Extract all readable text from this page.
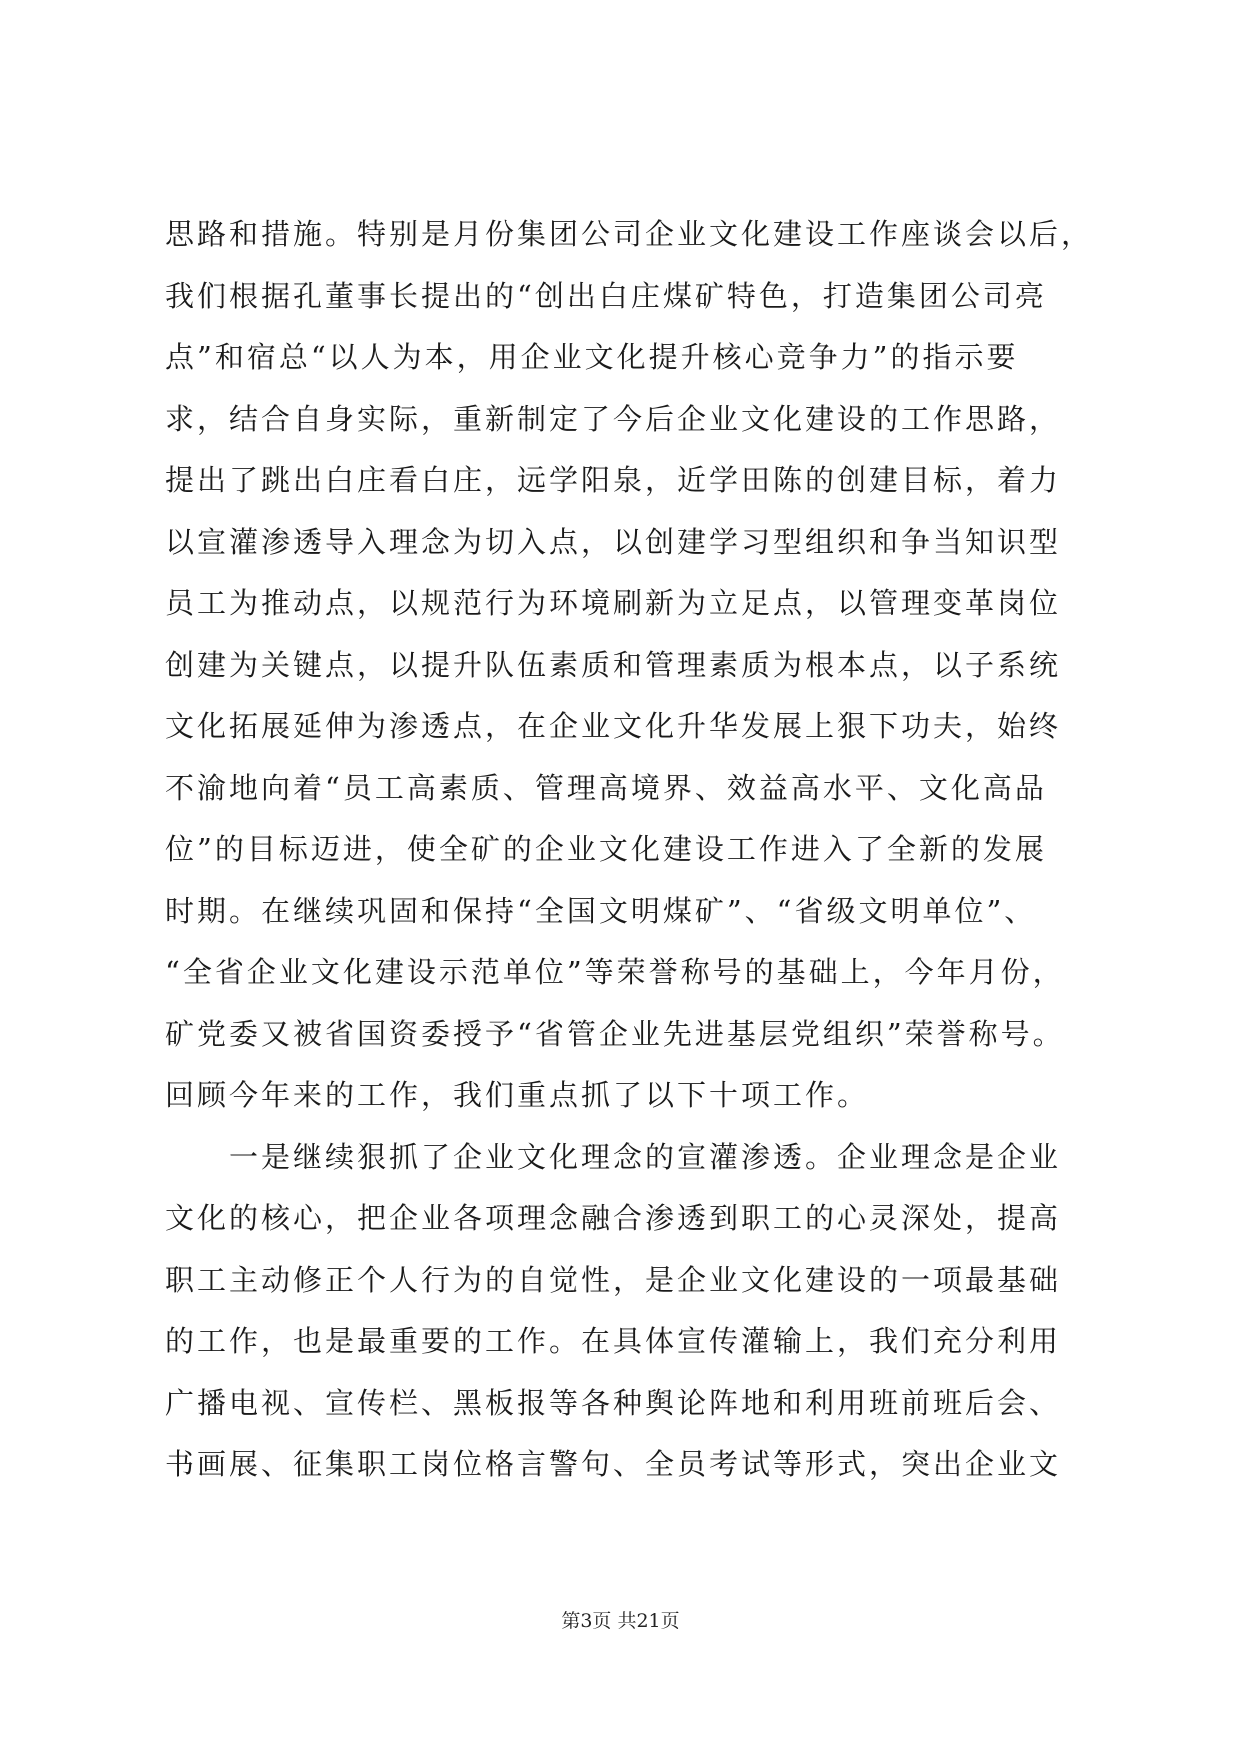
思路和措施。特别是月份集团公司企业文化建设工作座谈会以后，
我们根据孔董事长提出的“创出白庄煤矿特色，打造集团公司亮
点”和宿总“以人为本，用企业文化提升核心竞争力”的指示要
求，结合自身实际，重新制定了今后企业文化建设的工作思路，
提出了跳出白庄看白庄，远学阳泉，近学田陈的创建目标，着力
以宣灌渗透导入理念为切入点，以创建学习型组织和争当知识型
员工为推动点，以规范行为环境刷新为立足点，以管理变革岗位
创建为关键点，以提升队伍素质和管理素质为根本点，以子系统
文化拓展延伸为渗透点，在企业文化升华发展上狠下功夫，始终
不渝地向着“员工高素质、管理高境界、效益高水平、文化高品
位”的目标迈进，使全矿的企业文化建设工作进入了全新的发展
时期。在继续巩固和保持“全国文明煤矿”、“省级文明单位”、
“全省企业文化建设示范单位”等荣誉称号的基础上，今年月份，
矿党委又被省国资委授予“省管企业先进基层党组织”荣誉称号。
回顾今年来的工作，我们重点抓了以下十项工作。
　　一是继续狠抓了企业文化理念的宣灌渗透。企业理念是企业
文化的核心，把企业各项理念融合渗透到职工的心灵深处，提高
职工主动修正个人行为的自觉性，是企业文化建设的一项最基础
的工作，也是最重要的工作。在具体宣传灌输上，我们充分利用
广播电视、宣传栏、黑板报等各种舆论阵地和利用班前班后会、
书画展、征集职工岗位格言警句、全员考试等形式，突出企业文
第3页 共21页
